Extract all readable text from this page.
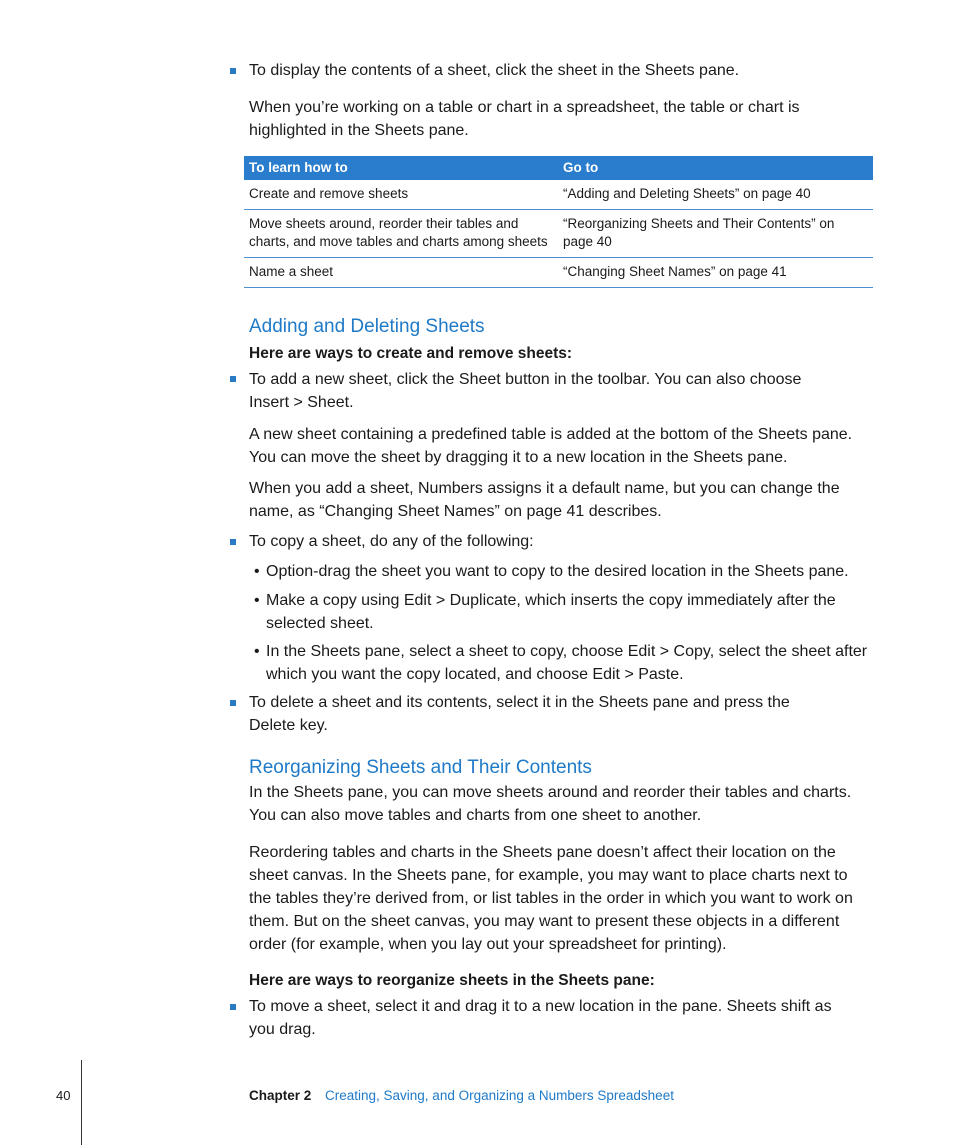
To display the contents of a sheet, click the sheet in the Sheets pane.
When you’re working on a table or chart in a spreadsheet, the table or chart is highlighted in the Sheets pane.
To learn how to	Go to
Create and remove sheets	“Adding and Deleting Sheets” on page 40
Move sheets around, reorder their tables and charts, and move tables and charts among sheets	“Reorganizing Sheets and Their Contents” on page 40
Name a sheet	“Changing Sheet Names” on page 41
Adding and Deleting Sheets
Here are ways to create and remove sheets:
To add a new sheet, click the Sheet button in the toolbar. You can also choose Insert > Sheet.
A new sheet containing a predefined table is added at the bottom of the Sheets pane. You can move the sheet by dragging it to a new location in the Sheets pane.
When you add a sheet, Numbers assigns it a default name, but you can change the name, as “Changing Sheet Names” on page 41 describes.
To copy a sheet, do any of the following:
• Option-drag the sheet you want to copy to the desired location in the Sheets pane.
• Make a copy using Edit > Duplicate, which inserts the copy immediately after the selected sheet.
• In the Sheets pane, select a sheet to copy, choose Edit > Copy, select the sheet after which you want the copy located, and choose Edit > Paste.
To delete a sheet and its contents, select it in the Sheets pane and press the Delete key.
Reorganizing Sheets and Their Contents
In the Sheets pane, you can move sheets around and reorder their tables and charts. You can also move tables and charts from one sheet to another.
Reordering tables and charts in the Sheets pane doesn’t affect their location on the sheet canvas. In the Sheets pane, for example, you may want to place charts next to the tables they’re derived from, or list tables in the order in which you want to work on them. But on the sheet canvas, you may want to present these objects in a different order (for example, when you lay out your spreadsheet for printing).
Here are ways to reorganize sheets in the Sheets pane:
To move a sheet, select it and drag it to a new location in the pane. Sheets shift as you drag.
40	Chapter 2 Creating, Saving, and Organizing a Numbers Spreadsheet
